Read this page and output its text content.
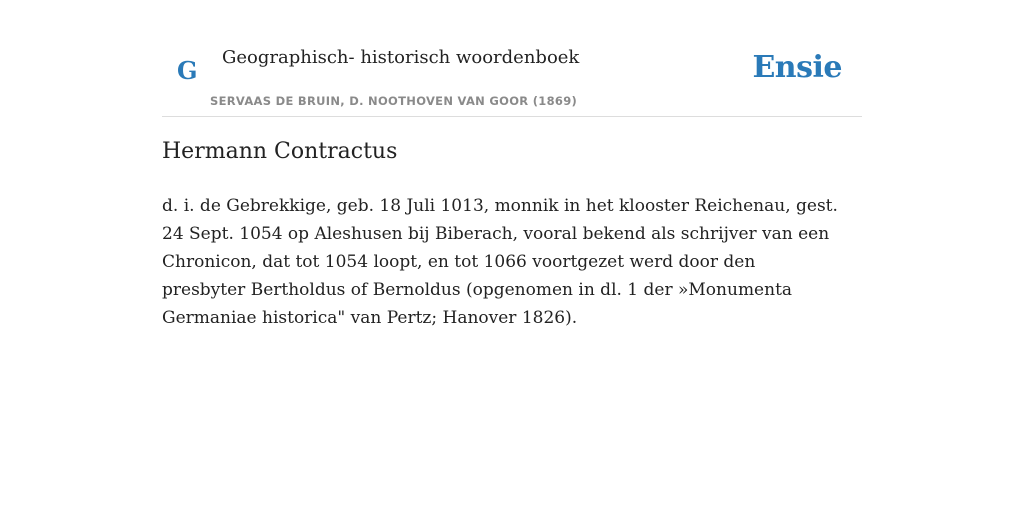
G Geographisch- historisch woordenboek
SERVAAS DE BRUIN, D. NOOTHOVEN VAN GOOR (1869)
Ensie
Hermann Contractus

d. i. de Gebrekkige, geb. 18 Juli 1013, monnik in het klooster Reichenau, gest. 24 Sept. 1054 op Aleshusen bij Biberach, vooral bekend als schrijver van een Chronicon, dat tot 1054 loopt, en tot 1066 voortgezet werd door den presbyter Bertholdus of Bernoldus (opgenomen in dl. 1 der »Monumenta Germaniae historica" van Pertz; Hanover 1826).
